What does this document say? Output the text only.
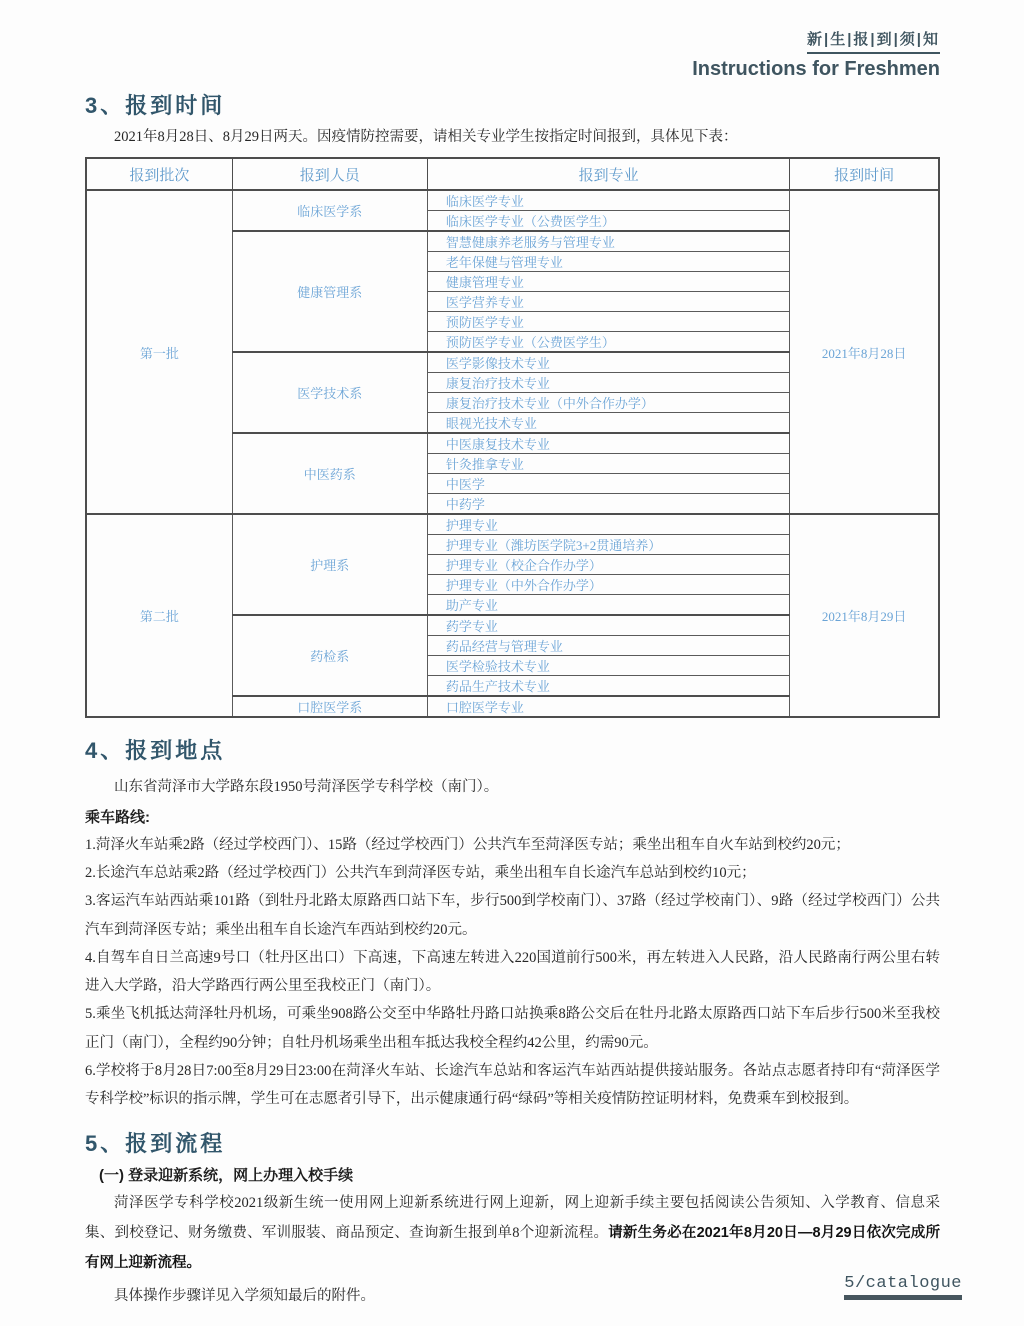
新|生|报|到|须|知
Instructions for Freshmen
3、报到时间

2021年8月28日、8月29日两天。因疫情防控需要，请相关专业学生按指定时间报到，具体见下表：

报到批次	报到人员	报到专业	报到时间
第一批	临床医学系	临床医学专业	2021年8月28日
		临床医学专业（公费医学生）	
	健康管理系	智慧健康养老服务与管理专业	
		老年保健与管理专业	
		健康管理专业	
		医学营养专业	
		预防医学专业	
		预防医学专业（公费医学生）	
	医学技术系	医学影像技术专业	
		康复治疗技术专业	
		康复治疗技术专业（中外合作办学）	
		眼视光技术专业	
	中医药系	中医康复技术专业	
		针灸推拿专业	
		中医学	
		中药学	
第二批	护理系	护理专业	2021年8月29日
		护理专业（潍坊医学院3+2贯通培养）	
		护理专业（校企合作办学）	
		护理专业（中外合作办学）	
		助产专业	
	药检系	药学专业	
		药品经营与管理专业	
		医学检验技术专业	
		药品生产技术专业	
	口腔医学系	口腔医学专业	
4、报到地点

山东省菏泽市大学路东段1950号菏泽医学专科学校（南门）。

乘车路线:

1.菏泽火车站乘2路（经过学校西门）、15路（经过学校西门）公共汽车至菏泽医专站；乘坐出租车自火车站到校约20元；

2.长途汽车总站乘2路（经过学校西门）公共汽车到菏泽医专站，乘坐出租车自长途汽车总站到校约10元；

3.客运汽车站西站乘101路（到牡丹北路太原路西口站下车，步行500到学校南门）、37路（经过学校南门）、9路（经过学校西门）公共汽车到菏泽医专站；乘坐出租车自长途汽车西站到校约20元。

4.自驾车自日兰高速9号口（牡丹区出口）下高速，下高速左转进入220国道前行500米，再左转进入人民路，沿人民路南行两公里右转进入大学路，沿大学路西行两公里至我校正门（南门）。

5.乘坐飞机抵达菏泽牡丹机场，可乘坐908路公交至中华路牡丹路口站换乘8路公交后在牡丹北路太原路西口站下车后步行500米至我校正门（南门），全程约90分钟；自牡丹机场乘坐出租车抵达我校全程约42公里，约需90元。

6.学校将于8月28日7:00至8月29日23:00在菏泽火车站、长途汽车总站和客运汽车站西站提供接站服务。各站点志愿者持印有“菏泽医学专科学校”标识的指示牌，学生可在志愿者引导下，出示健康通行码“绿码”等相关疫情防控证明材料，免费乘车到校报到。

5、报到流程
(一) 登录迎新系统，网上办理入校手续

菏泽医学专科学校2021级新生统一使用网上迎新系统进行网上迎新，网上迎新手续主要包括阅读公告须知、入学教育、信息采集、到校登记、财务缴费、军训服装、商品预定、查询新生报到单8个迎新流程。请新生务必在2021年8月20日—8月29日依次完成所有网上迎新流程。

具体操作步骤详见入学须知最后的附件。

5/catalogue
